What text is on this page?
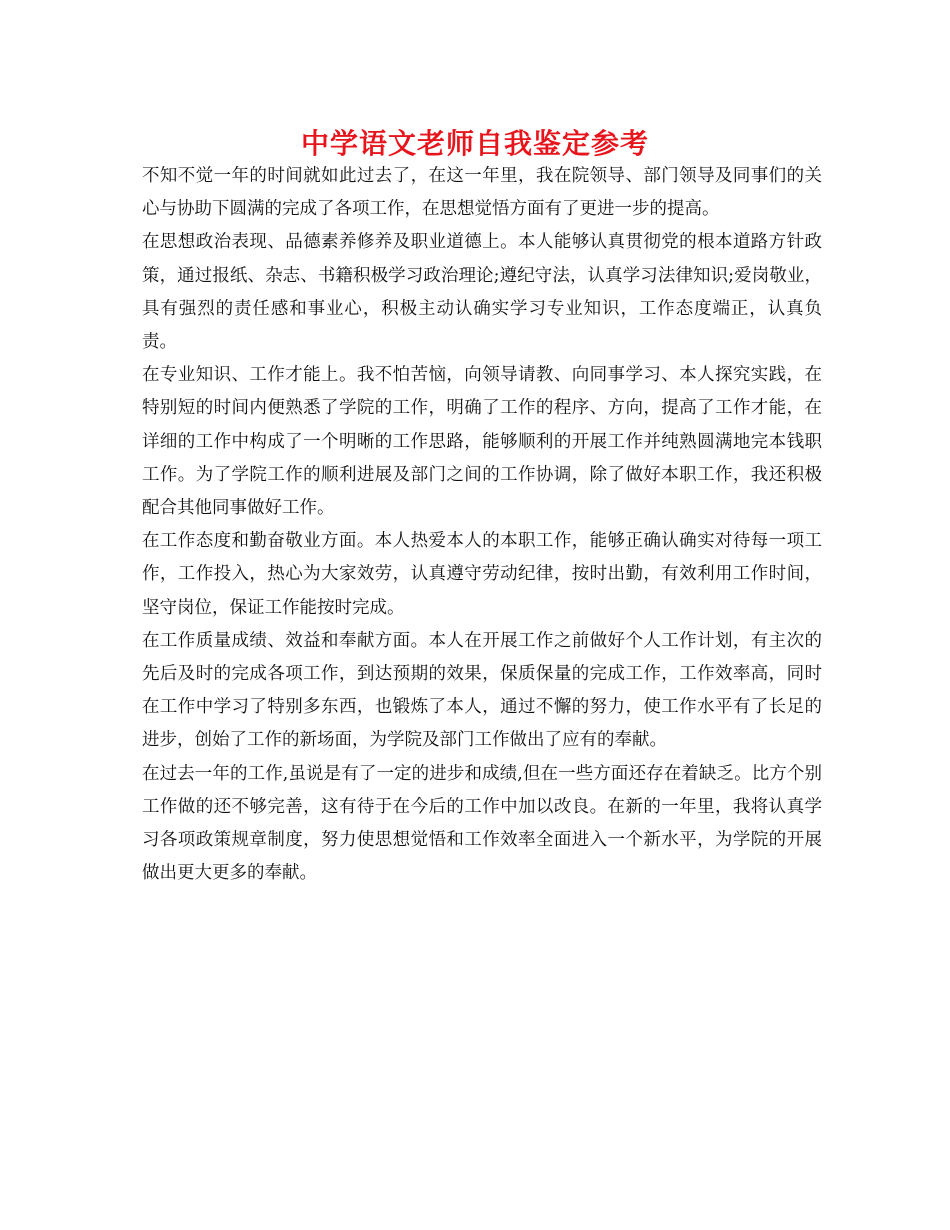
中学语文老师自我鉴定参考

不知不觉一年的时间就如此过去了，在这一年里，我在院领导、部门领导及同事们的关心与协助下圆满的完成了各项工作，在思想觉悟方面有了更进一步的提高。

在思想政治表现、品德素养修养及职业道德上。本人能够认真贯彻党的根本道路方针政策，通过报纸、杂志、书籍积极学习政治理论;遵纪守法，认真学习法律知识;爱岗敬业，具有强烈的责任感和事业心，积极主动认确实学习专业知识，工作态度端正，认真负责。

在专业知识、工作才能上。我不怕苦恼，向领导请教、向同事学习、本人探究实践，在特别短的时间内便熟悉了学院的工作，明确了工作的程序、方向，提高了工作才能，在详细的工作中构成了一个明晰的工作思路，能够顺利的开展工作并纯熟圆满地完本钱职工作。为了学院工作的顺利进展及部门之间的工作协调，除了做好本职工作，我还积极配合其他同事做好工作。

在工作态度和勤奋敬业方面。本人热爱本人的本职工作，能够正确认确实对待每一项工作，工作投入，热心为大家效劳，认真遵守劳动纪律，按时出勤，有效利用工作时间，坚守岗位，保证工作能按时完成。

在工作质量成绩、效益和奉献方面。本人在开展工作之前做好个人工作计划，有主次的先后及时的完成各项工作，到达预期的效果，保质保量的完成工作，工作效率高，同时在工作中学习了特别多东西，也锻炼了本人，通过不懈的努力，使工作水平有了长足的进步，创始了工作的新场面，为学院及部门工作做出了应有的奉献。

在过去一年的工作,虽说是有了一定的进步和成绩,但在一些方面还存在着缺乏。比方个别工作做的还不够完善，这有待于在今后的工作中加以改良。在新的一年里，我将认真学习各项政策规章制度，努力使思想觉悟和工作效率全面进入一个新水平，为学院的开展做出更大更多的奉献。
